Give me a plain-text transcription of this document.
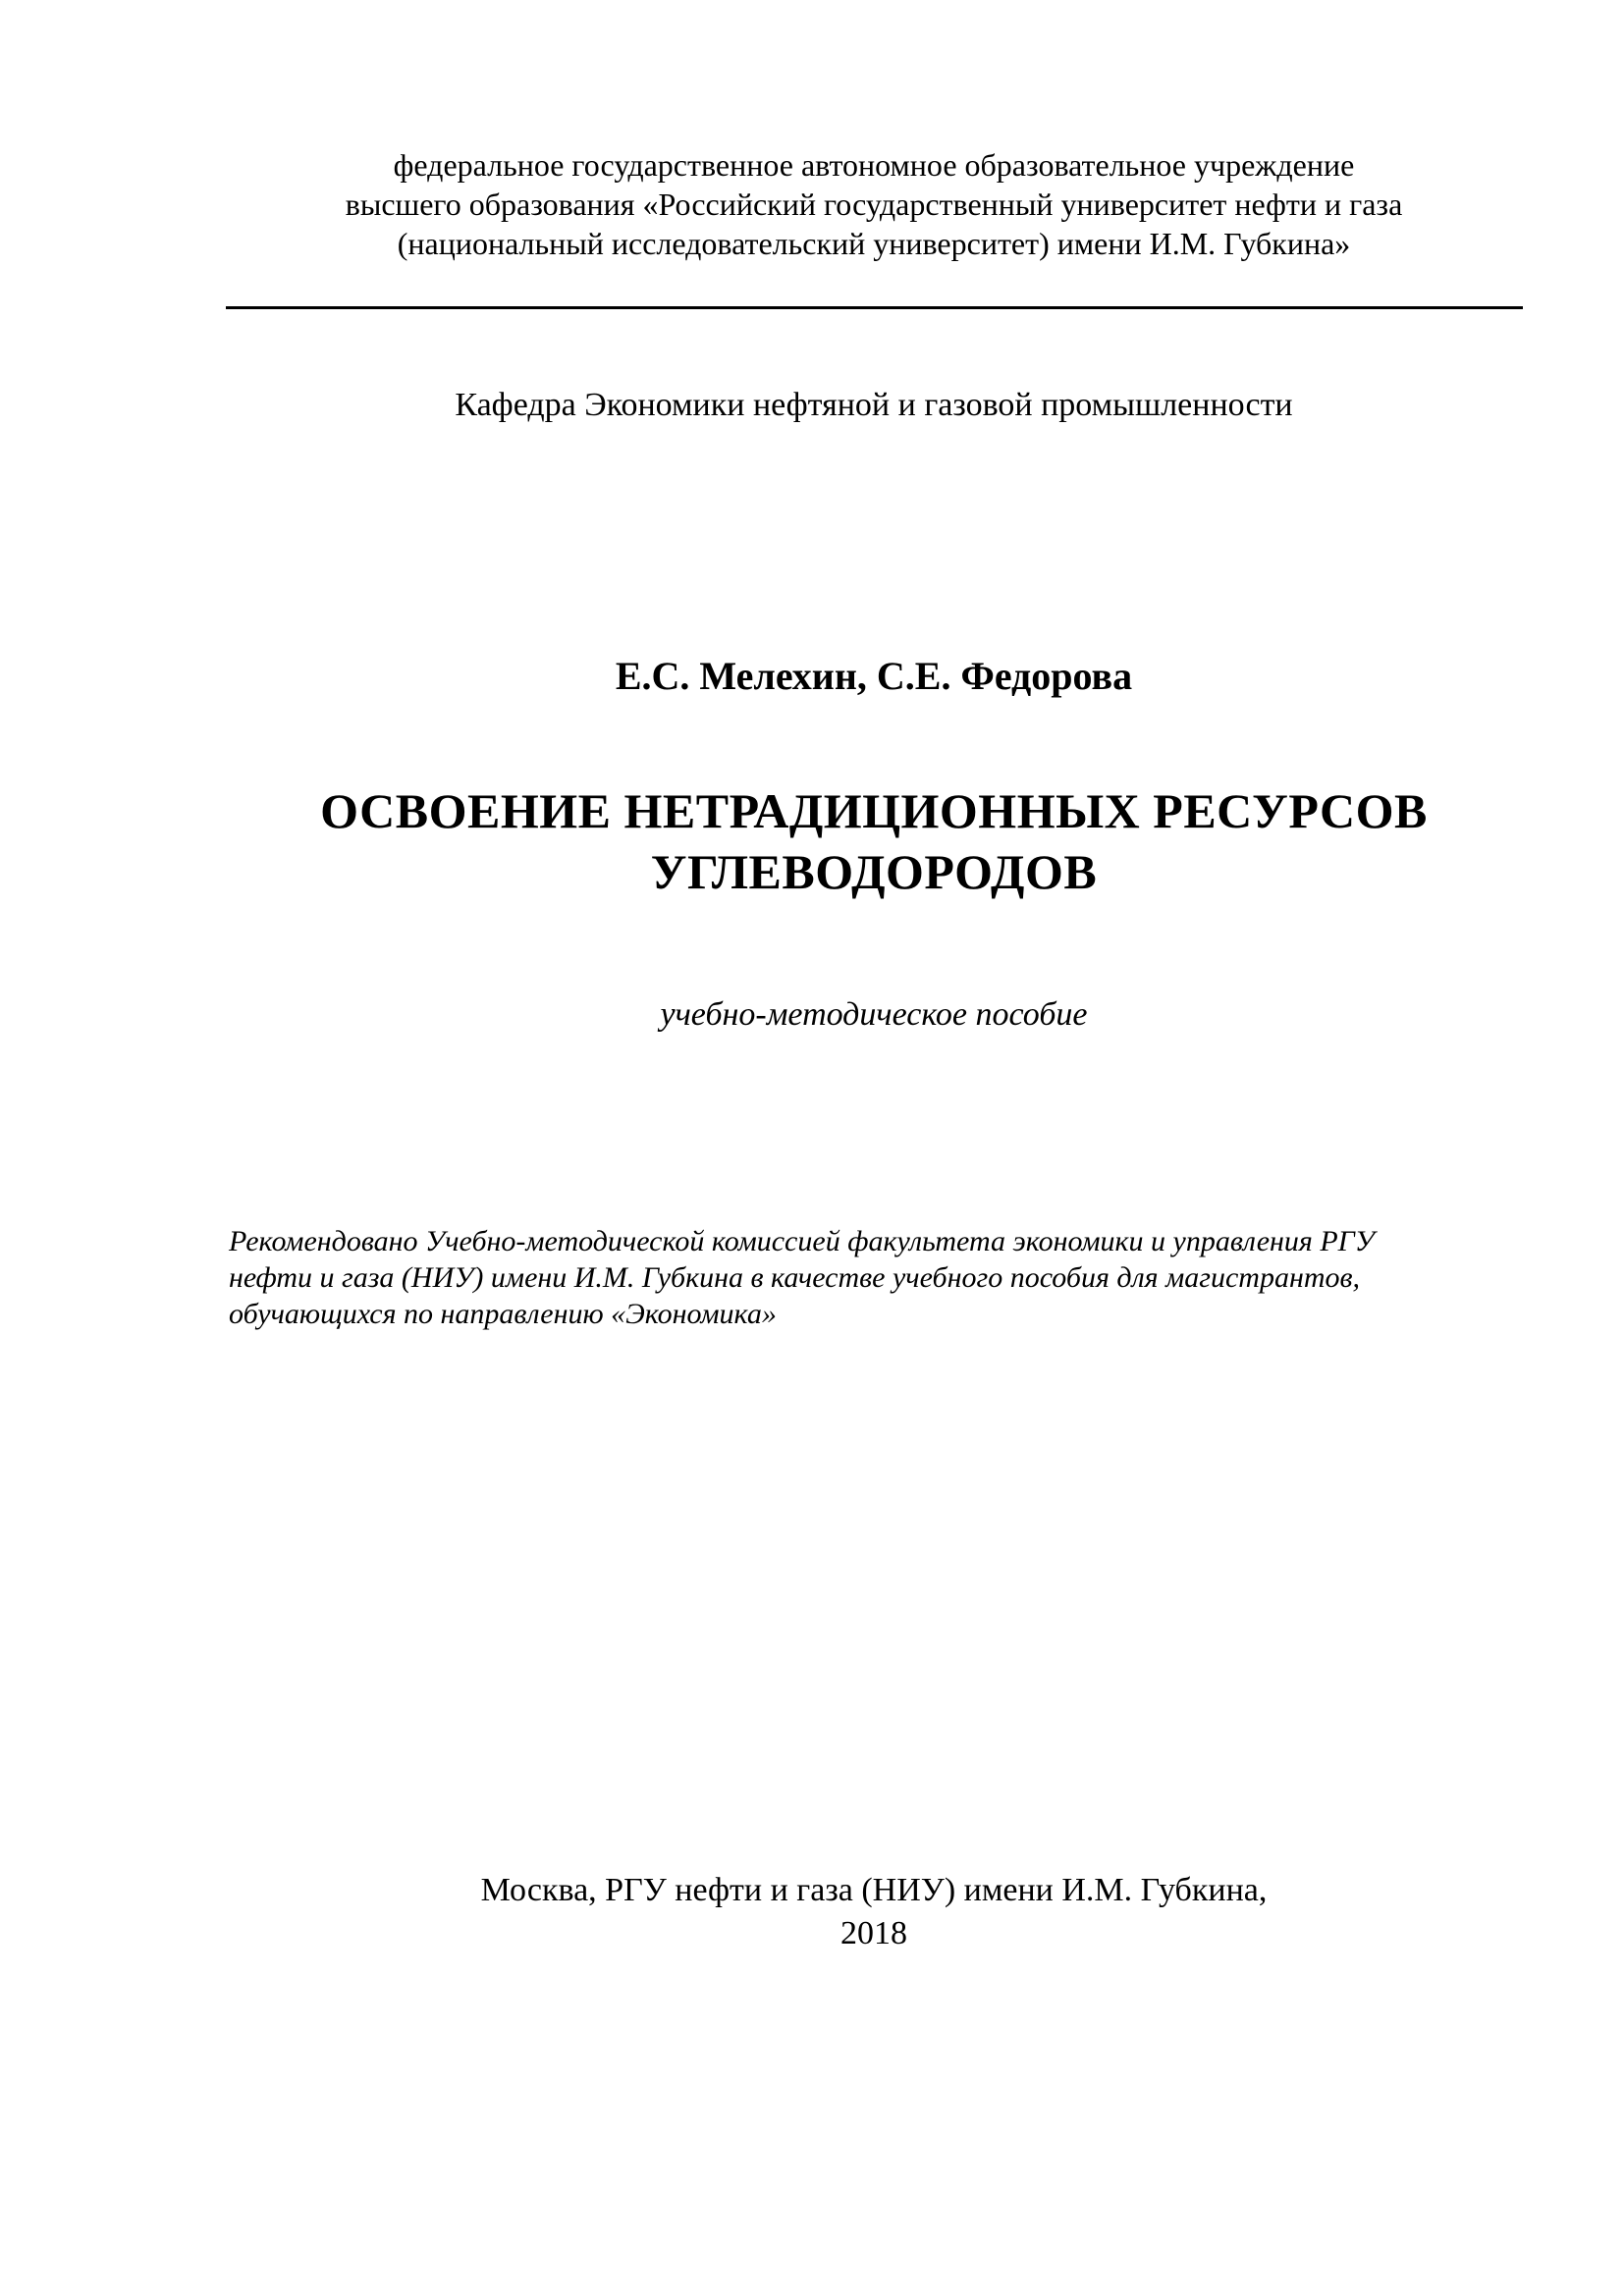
федеральное государственное автономное образовательное учреждение
высшего образования «Российский государственный университет нефти и газа
(национальный исследовательский университет) имени И.М. Губкина»
Кафедра Экономики нефтяной и газовой промышленности
Е.С. Мелехин, С.Е. Федорова
ОСВОЕНИЕ НЕТРАДИЦИОННЫХ РЕСУРСОВ
УГЛЕВОДОРОДОВ
учебно-методическое пособие
Рекомендовано Учебно-методической комиссией факультета экономики и управления РГУ
нефти и газа (НИУ) имени И.М. Губкина в качестве учебного пособия для магистрантов,
обучающихся по направлению «Экономика»
Москва, РГУ нефти и газа (НИУ) имени И.М. Губкина,
2018
